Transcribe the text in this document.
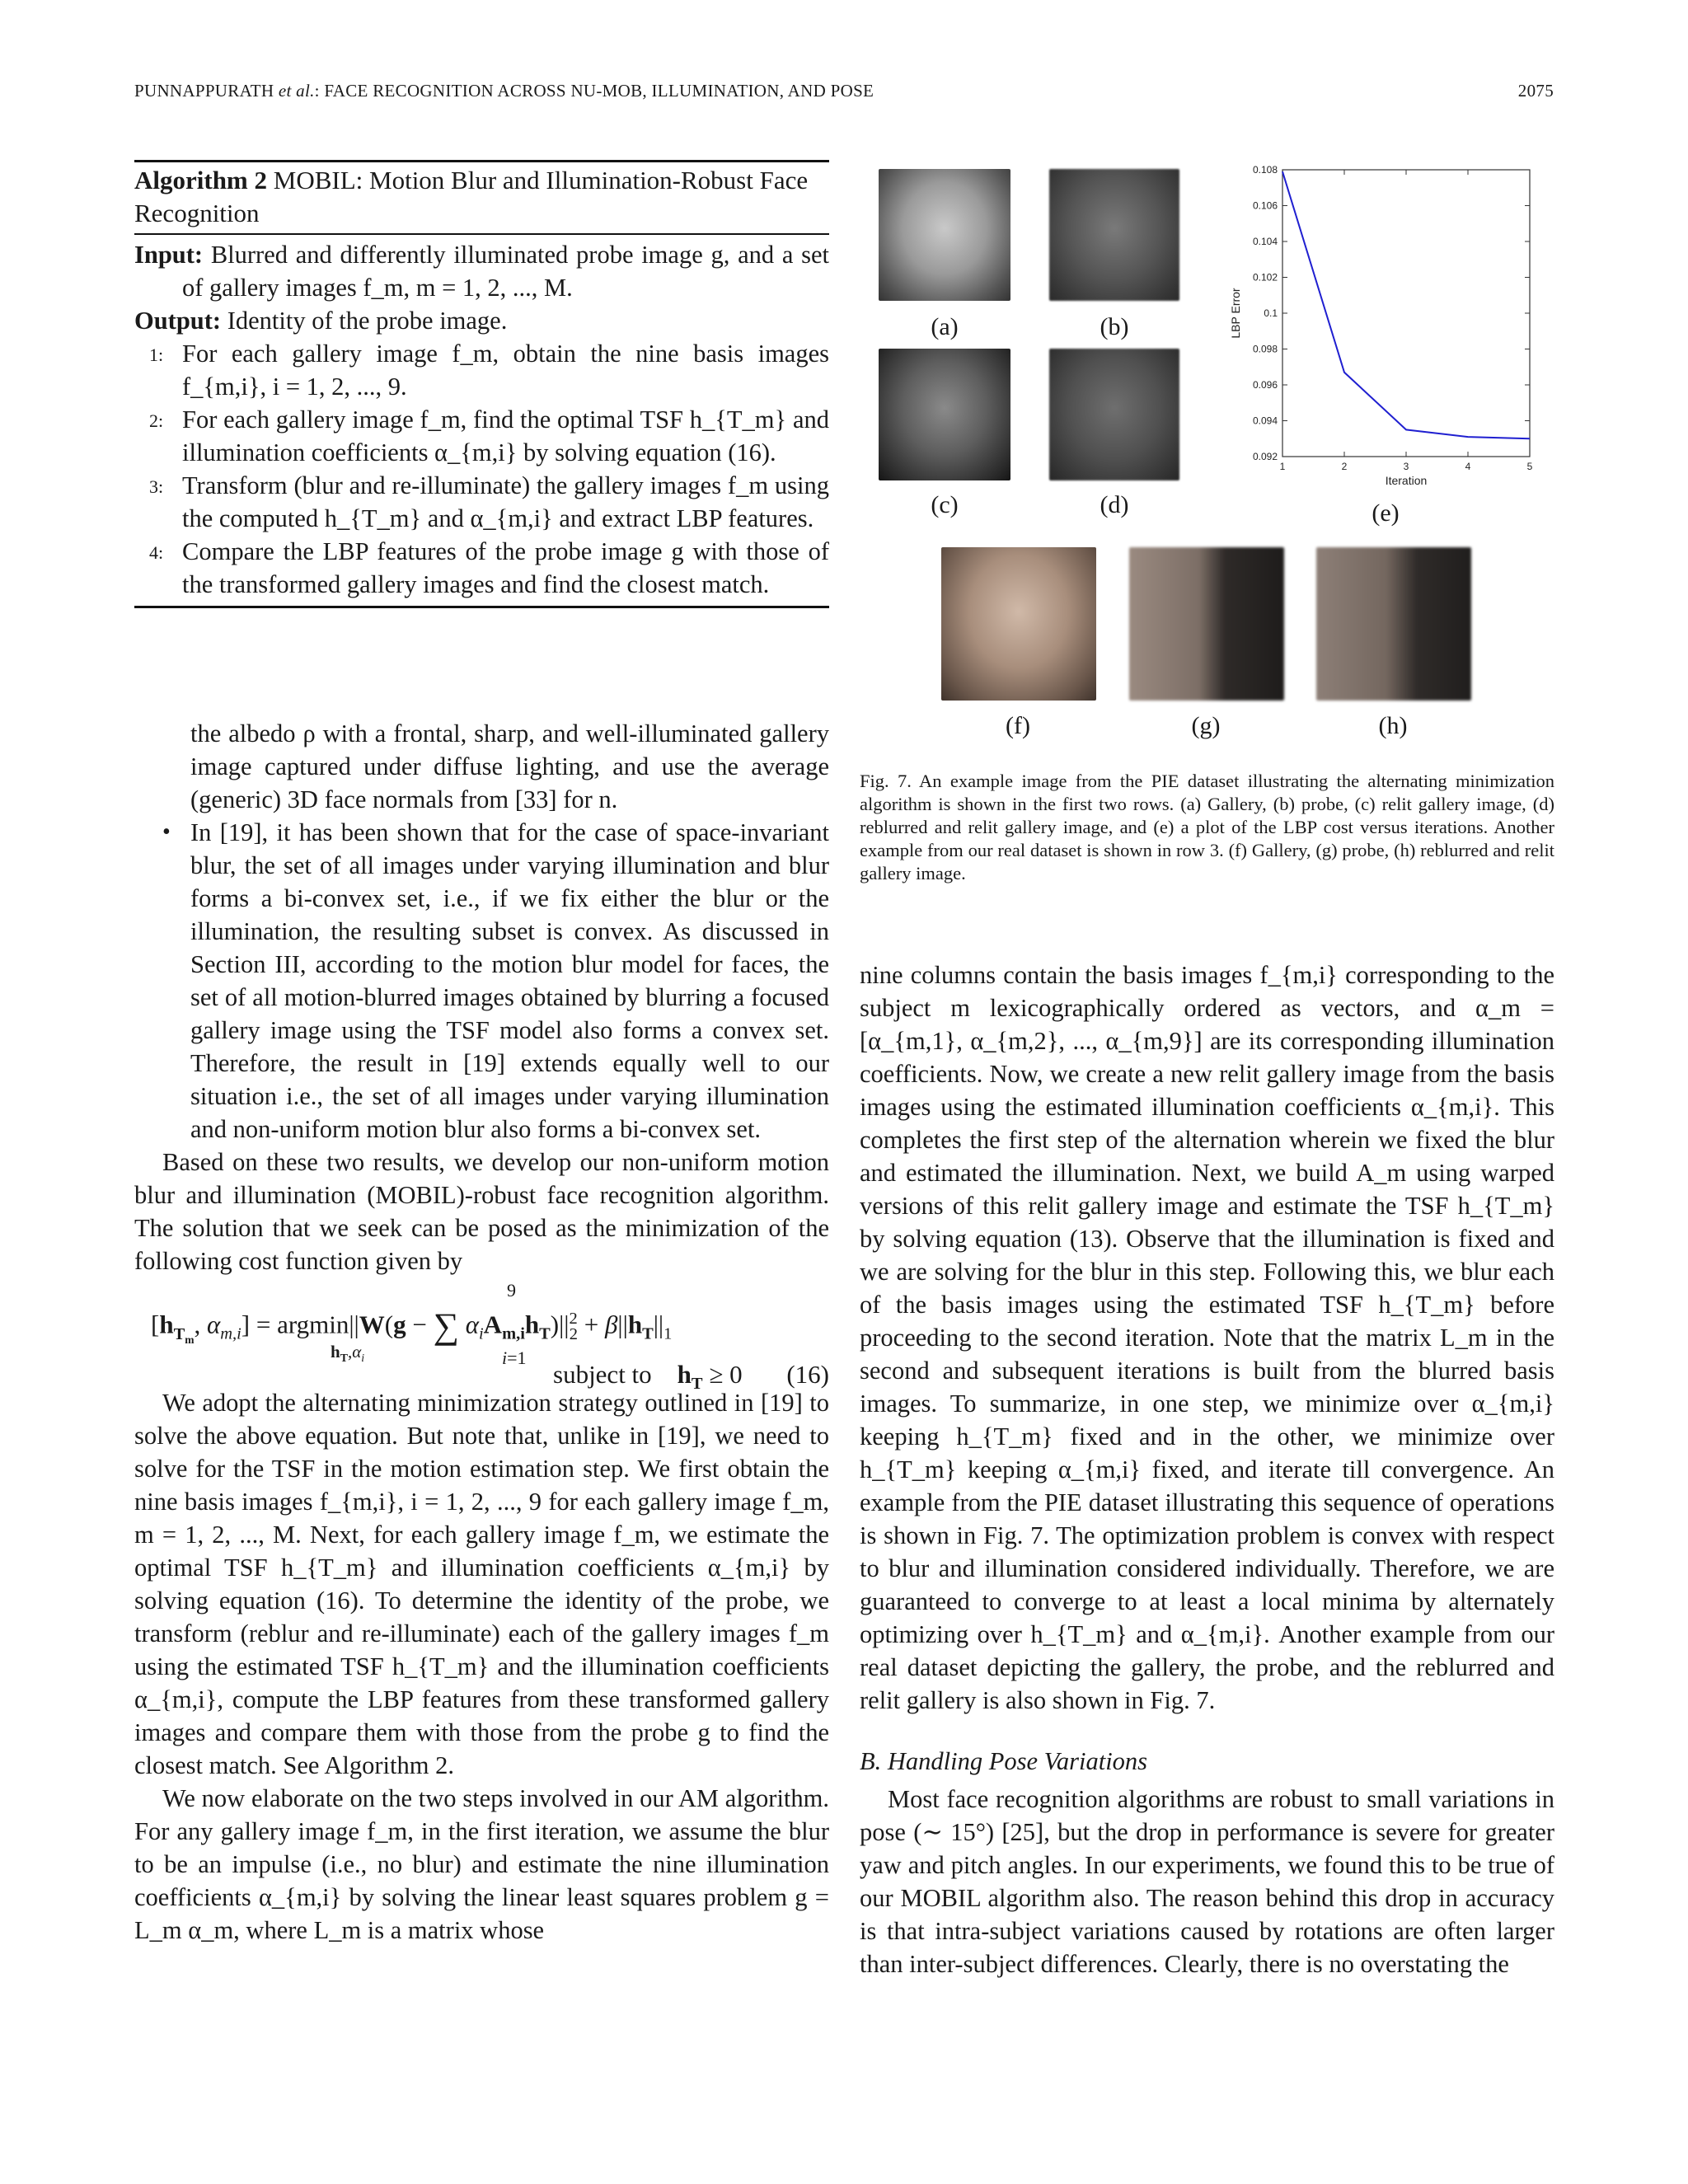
PUNNAPPURATH et al.: FACE RECOGNITION ACROSS NU-MOB, ILLUMINATION, AND POSE	2075
Algorithm 2 MOBIL: Motion Blur and Illumination-Robust Face Recognition
Input: Blurred and differently illuminated probe image g, and a set of gallery images f_m, m = 1, 2, ..., M.
Output: Identity of the probe image.
1: For each gallery image f_m, obtain the nine basis images f_{m,i}, i = 1, 2, ..., 9.
2: For each gallery image f_m, find the optimal TSF h_{T_m} and illumination coefficients α_{m,i} by solving equation (16).
3: Transform (blur and re-illuminate) the gallery images f_m using the computed h_{T_m} and α_{m,i} and extract LBP features.
4: Compare the LBP features of the probe image g with those of the transformed gallery images and find the closest match.

the albedo ρ with a frontal, sharp, and well-illuminated gallery image captured under diffuse lighting, and use the average (generic) 3D face normals from [33] for n.

• In [19], it has been shown that for the case of space-invariant blur, the set of all images under varying illumination and blur forms a bi-convex set, i.e., if we fix either the blur or the illumination, the resulting subset is convex. As discussed in Section III, according to the motion blur model for faces, the set of all motion-blurred images obtained by blurring a focused gallery image using the TSF model also forms a convex set. Therefore, the result in [19] extends equally well to our situation i.e., the set of all images under varying illumination and non-uniform motion blur also forms a bi-convex set.

Based on these two results, we develop our non-uniform motion blur and illumination (MOBIL)-robust face recognition algorithm. The solution that we seek can be posed as the minimization of the following cost function given by

[$h_{T_m}$, $\alpha_{m,i}] = argmin||W(g$ − ∑ $\alpha_iA_{m,i}h_T)||^2_2 + \beta||h_T||_1$
9
i=1
$h_T,\alpha_i$
subject to $h_T \ge 0$ (16)

We adopt the alternating minimization strategy outlined in [19] to solve the above equation. But note that, unlike in [19], we need to solve for the TSF in the motion estimation step. We first obtain the nine basis images f_{m,i}, i = 1, 2, ..., 9 for each gallery image f_m, m = 1, 2, ..., M. Next, for each gallery image f_m, we estimate the optimal TSF h_{T_m} and illumination coefficients α_{m,i} by solving equation (16). To determine the identity of the probe, we transform (reblur and re-illuminate) each of the gallery images f_m using the estimated TSF h_{T_m} and the illumination coefficients α_{m,i}, compute the LBP features from these transformed gallery images and compare them with those from the probe g to find the closest match. See Algorithm 2.

We now elaborate on the two steps involved in our AM algorithm. For any gallery image f_m, in the first iteration, we assume the blur to be an impulse (i.e., no blur) and estimate the nine illumination coefficients α_{m,i} by solving the linear least squares problem g = L_m α_m, where L_m is a matrix whose

(a)	(b)
(c)	(d)
0.092
0.094
0.096
0.098
0.1
0.102
0.104
0.106
0.108
1	2	3	4	5
Iteration
LBP Error
(e)
(f)	(g)	(h)
Fig. 7. An example image from the PIE dataset illustrating the alternating minimization algorithm is shown in the first two rows. (a) Gallery, (b) probe, (c) relit gallery image, (d) reblurred and relit gallery image, and (e) a plot of the LBP cost versus iterations. Another example from our real dataset is shown in row 3. (f) Gallery, (g) probe, (h) reblurred and relit gallery image.

nine columns contain the basis images f_{m,i} corresponding to the subject m lexicographically ordered as vectors, and α_m = [α_{m,1}, α_{m,2}, ..., α_{m,9}] are its corresponding illumination coefficients. Now, we create a new relit gallery image from the basis images using the estimated illumination coefficients α_{m,i}. This completes the first step of the alternation wherein we fixed the blur and estimated the illumination. Next, we build A_m using warped versions of this relit gallery image and estimate the TSF h_{T_m} by solving equation (13). Observe that the illumination is fixed and we are solving for the blur in this step. Following this, we blur each of the basis images using the estimated TSF h_{T_m} before proceeding to the second iteration. Note that the matrix L_m in the second and subsequent iterations is built from the blurred basis images. To summarize, in one step, we minimize over α_{m,i} keeping h_{T_m} fixed and in the other, we minimize over h_{T_m} keeping α_{m,i} fixed, and iterate till convergence. An example from the PIE dataset illustrating this sequence of operations is shown in Fig. 7. The optimization problem is convex with respect to blur and illumination considered individually. Therefore, we are guaranteed to converge to at least a local minima by alternately optimizing over h_{T_m} and α_{m,i}. Another example from our real dataset depicting the gallery, the probe, and the reblurred and relit gallery is also shown in Fig. 7.

B. Handling Pose Variations

Most face recognition algorithms are robust to small variations in pose (∼ 15°) [25], but the drop in performance is severe for greater yaw and pitch angles. In our experiments, we found this to be true of our MOBIL algorithm also. The reason behind this drop in accuracy is that intra-subject variations caused by rotations are often larger than inter-subject differences. Clearly, there is no overstating the
